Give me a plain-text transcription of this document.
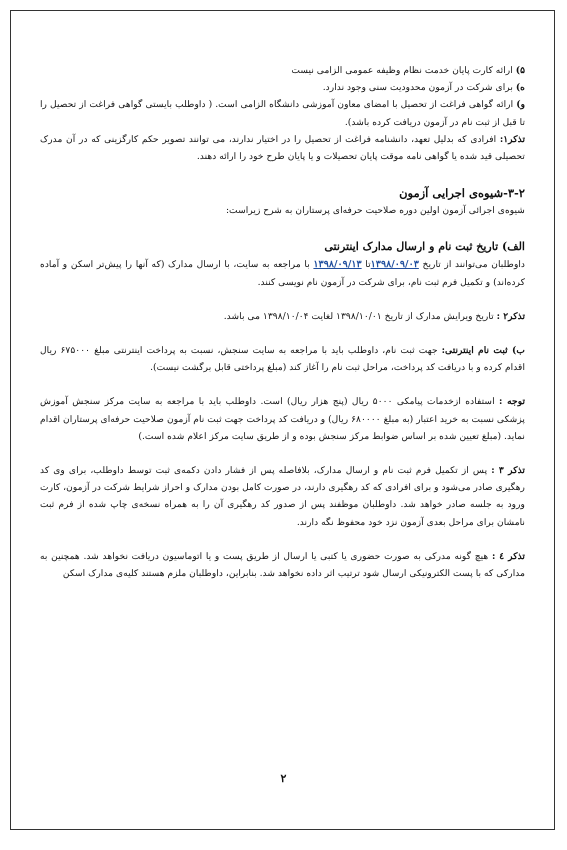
۵) ارائه کارت پایان خدمت نظام وظیفه عمومی الزامی نیست

ه) برای شرکت در آزمون محدودیت سنی وجود ندارد.

و) ارائه گواهی فراغت از تحصیل با امضای معاون آموزشی دانشگاه الزامی است. ( داوطلب بایستی گواهی فراغت از تحصیل را تا قبل از ثبت نام در آزمون دریافت کرده باشد).

تذکر۱: افرادی که بدلیل تعهد، دانشنامه فراغت از تحصیل را در اختیار ندارند، می توانند تصویر حکم کارگزینی که در آن مدرک تحصیلی قید شده یا گواهی نامه موقت پایان تحصیلات و یا پایان طرح خود را ارائه دهند.

۳-۲-شیوه‌ی اجرایی آزمون

شیوه‌ی اجرائی آزمون اولین دوره صلاحیت حرفه‌ای پرستاران به شرح زیراست:

الف) تاریخ ثبت نام و ارسال مدارک اینترنتی

داوطلبان می‌توانند از تاریخ ۱۳۹۸/۰۹/۰۳تا ۱۳۹۸/۰۹/۱۳ با مراجعه به سایت، با ارسال مدارک (که آنها را پیش‌تر اسکن و آماده کرده‌اند) و تکمیل فرم ثبت نام، برای شرکت در آزمون نام نویسی کنند.

تذکر۲ : تاریخ ویرایش مدارک از تاریخ ۱۳۹۸/۱۰/۰۱ لغایت ۱۳۹۸/۱۰/۰۴ می باشد.

ب) ثبت نام اینترنتی: جهت ثبت نام، داوطلب باید با مراجعه به سایت سنجش، نسبت به پرداخت اینترنتی مبلغ ۶۷۵۰۰۰ ریال اقدام کرده و با دریافت کد پرداخت، مراحل ثبت نام را آغاز کند (مبلغ پرداختی قابل برگشت نیست).

توجه : استفاده ازخدمات پیامکی ۵۰۰۰ ریال (پنج هزار ریال) است. داوطلب باید با مراجعه به سایت مرکز سنجش آموزش پزشکی نسبت به خرید اعتبار (به مبلغ ۶۸۰۰۰۰ ریال) و دریافت کد پرداخت جهت ثبت نام آزمون صلاحیت حرفه‌ای پرستاران اقدام نماید. (مبلغ تعیین شده بر اساس ضوابط مرکز سنجش بوده و از طریق سایت مرکز اعلام شده است.)

تذکر ۳ : پس از تکمیل فرم ثبت نام و ارسال مدارک، بلافاصله پس از فشار دادن دکمه‌ی ثبت توسط داوطلب، برای وی کد رهگیری صادر می‌شود و برای افرادی که کد رهگیری دارند، در صورت کامل بودن مدارک و احراز شرایط شرکت در آزمون، کارت ورود به جلسه صادر خواهد شد. داوطلبان موظفند پس از صدور کد رهگیری آن را به همراه نسخه‌ی چاپ شده از فرم ثبت نامشان برای مراحل بعدی آزمون نزد خود محفوظ نگه دارند.

تذکر ٤ : هیچ گونه مدرکی به صورت حضوری یا کتبی یا ارسال از طریق پست و یا اتوماسیون دریافت نخواهد شد. همچنین به مدارکی که با پست الکترونیکی ارسال شود ترتیب اثر داده نخواهد شد. بنابراین، داوطلبان ملزم هستند کلیه‌ی مدارک اسکن

۲
